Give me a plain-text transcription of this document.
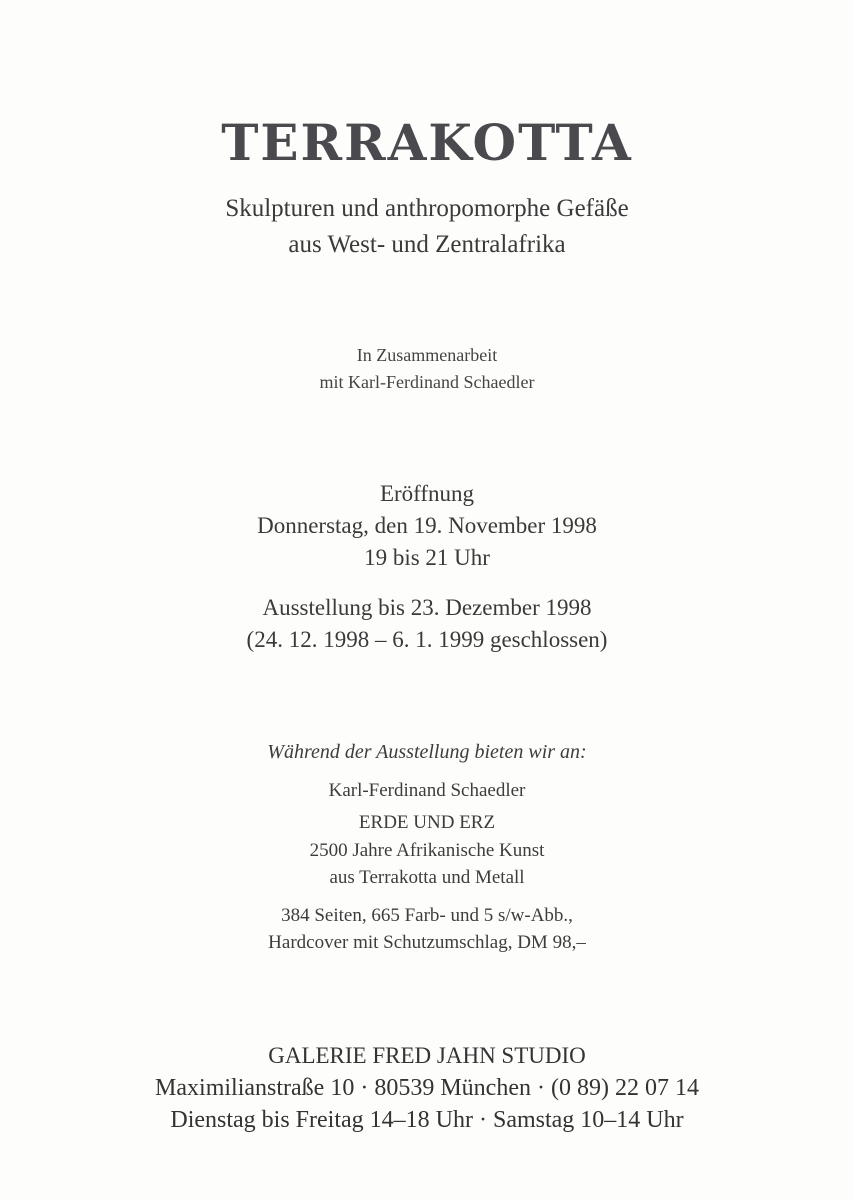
TERRAKOTTA
Skulpturen und anthropomorphe Gefäße
aus West- und Zentralafrika
In Zusammenarbeit
mit Karl-Ferdinand Schaedler
Eröffnung
Donnerstag, den 19. November 1998
19 bis 21 Uhr
Ausstellung bis 23. Dezember 1998
(24. 12. 1998 – 6. 1. 1999 geschlossen)
Während der Ausstellung bieten wir an:
Karl-Ferdinand Schaedler
ERDE UND ERZ
2500 Jahre Afrikanische Kunst
aus Terrakotta und Metall
384 Seiten, 665 Farb- und 5 s/w-Abb.,
Hardcover mit Schutzumschlag, DM 98,–
GALERIE FRED JAHN STUDIO
Maximilianstraße 10 · 80539 München · (0 89) 22 07 14
Dienstag bis Freitag 14–18 Uhr · Samstag 10–14 Uhr
